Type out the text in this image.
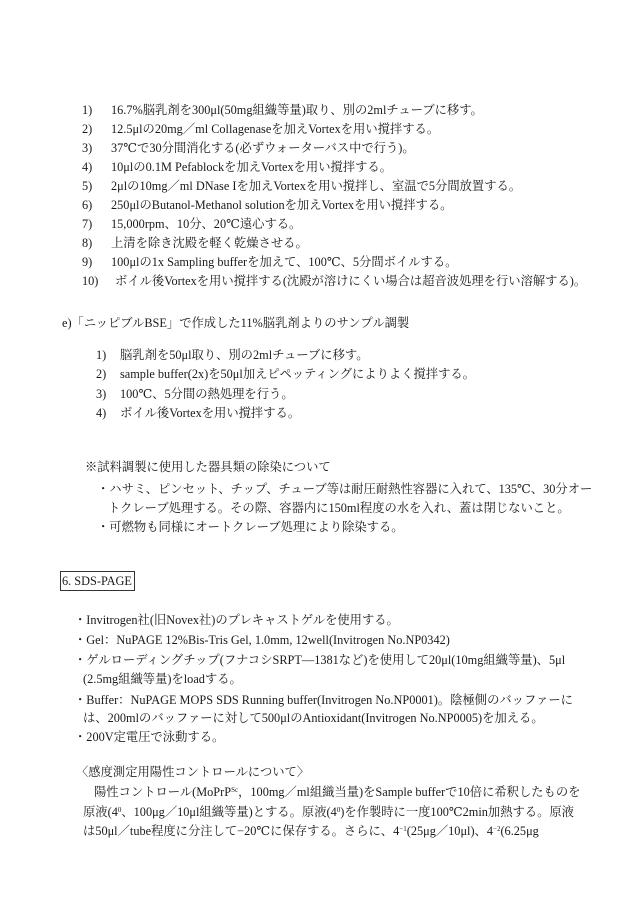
1) 16.7%脳乳剤を300μl(50mg組織等量)取り、別の2mlチューブに移す。
2) 12.5μlの20mg／ml Collagenaseを加えVortexを用い撹拌する。
3) 37℃で30分間消化する(必ずウォーターバス中で行う)。
4) 10μlの0.1M Pefablockを加えVortexを用い撹拌する。
5) 2μlの10mg／ml DNase Iを加えVortexを用い撹拌し、室温で5分間放置する。
6) 250μlのButanol-Methanol solutionを加えVortexを用い撹拌する。
7) 15,000rpm、10分、20℃遠心する。
8) 上清を除き沈殿を軽く乾燥させる。
9) 100μlの1x Sampling bufferを加えて、100℃、5分間ボイルする。
10) ボイル後Vortexを用い撹拌する(沈殿が溶けにくい場合は超音波処理を行い溶解する)。
1) 脳乳剤を50μl取り、別の2mlチューブに移す。
2) sample buffer(2x)を50μl加えピペッティングによりよく撹拌する。
3) 100℃、5分間の熱処理を行う。
4) ボイル後Vortexを用い撹拌する。
e)「ニッピブルBSE」で作成した11%脳乳剤よりのサンプル調製
※試料調製に使用した器具類の除染について
・ハサミ、ピンセット、チップ、チューブ等は耐圧耐熱性容器に入れて、135℃、30分オー
トクレーブ処理する。その際、容器内に150ml程度の水を入れ、蓋は閉じないこと。
・可燃物も同様にオートクレーブ処理により除染する。
6. SDS-PAGE
・Invitrogen社(旧Novex社)のプレキャストゲルを使用する。
・Gel：NuPAGE 12%Bis-Tris Gel, 1.0mm, 12well(Invitrogen No.NP0342)
・ゲルローディングチップ(フナコシSRPT―1381など)を使用して20μl(10mg組織等量)、5μl
(2.5mg組織等量)をloadする。
・Buffer：NuPAGE MOPS SDS Running buffer(Invitrogen No.NP0001)。陰極側のバッファーに
は、200mlのバッファーに対して500μlのAntioxidant(Invitrogen No.NP0005)を加える。
・200V定電圧で泳動する。
〈感度測定用陽性コントロールについて〉
陽性コントロール(MoPrP$^{Sc}$，100mg／ml組織当量)をSample bufferで10倍に希釈したものを
原液($4^0$、100μg／10μl組織等量)とする。原液$(4^0)$を作製時に一度100℃2min加熱する。原液
は50μl／tube程度に分注して−20℃に保存する。さらに、$4^{-1}(25\mu g/10\mu l)$、$4^{-2}(6.25\mu g$
